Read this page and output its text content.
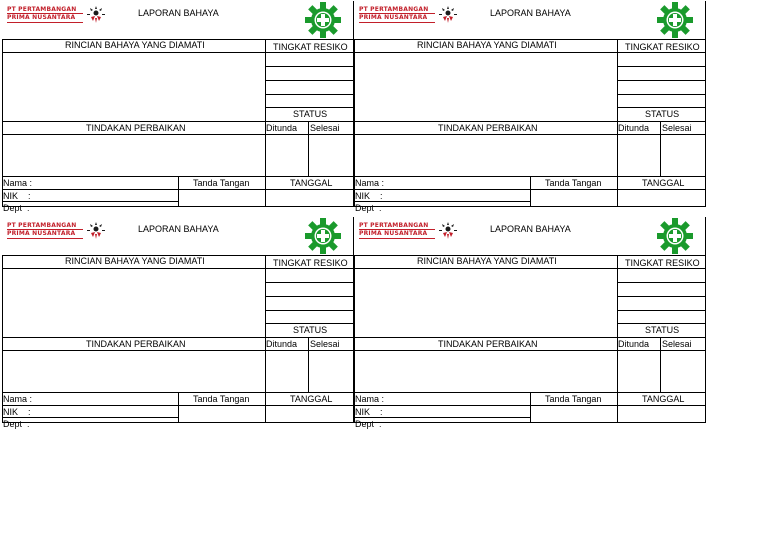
PT PERTAMBANGAN
PRIMA NUSANTARA	LAPORAN BAHAYA
RINCIAN BAHAYA YANG DIAMATI	TINGKAT RESIKO
STATUS
TINDAKAN PERBAIKAN	Ditunda Selesai
Nama :	Tanda Tangan	TANGGAL
NIK    :
Dept  :
PT PERTAMBANGAN
PRIMA NUSANTARA	LAPORAN BAHAYA
RINCIAN BAHAYA YANG DIAMATI	TINGKAT RESIKO
STATUS
TINDAKAN PERBAIKAN	Ditunda Selesai
Nama :	Tanda Tangan	TANGGAL
NIK    :
Dept  :
PT PERTAMBANGAN
PRIMA NUSANTARA	LAPORAN BAHAYA
RINCIAN BAHAYA YANG DIAMATI	TINGKAT RESIKO
STATUS
TINDAKAN PERBAIKAN	Ditunda Selesai
Nama :	Tanda Tangan	TANGGAL
NIK    :
Dept  :
PT PERTAMBANGAN
PRIMA NUSANTARA	LAPORAN BAHAYA
RINCIAN BAHAYA YANG DIAMATI	TINGKAT RESIKO
STATUS
TINDAKAN PERBAIKAN	Ditunda Selesai
Nama :	Tanda Tangan	TANGGAL
NIK    :
Dept  :
